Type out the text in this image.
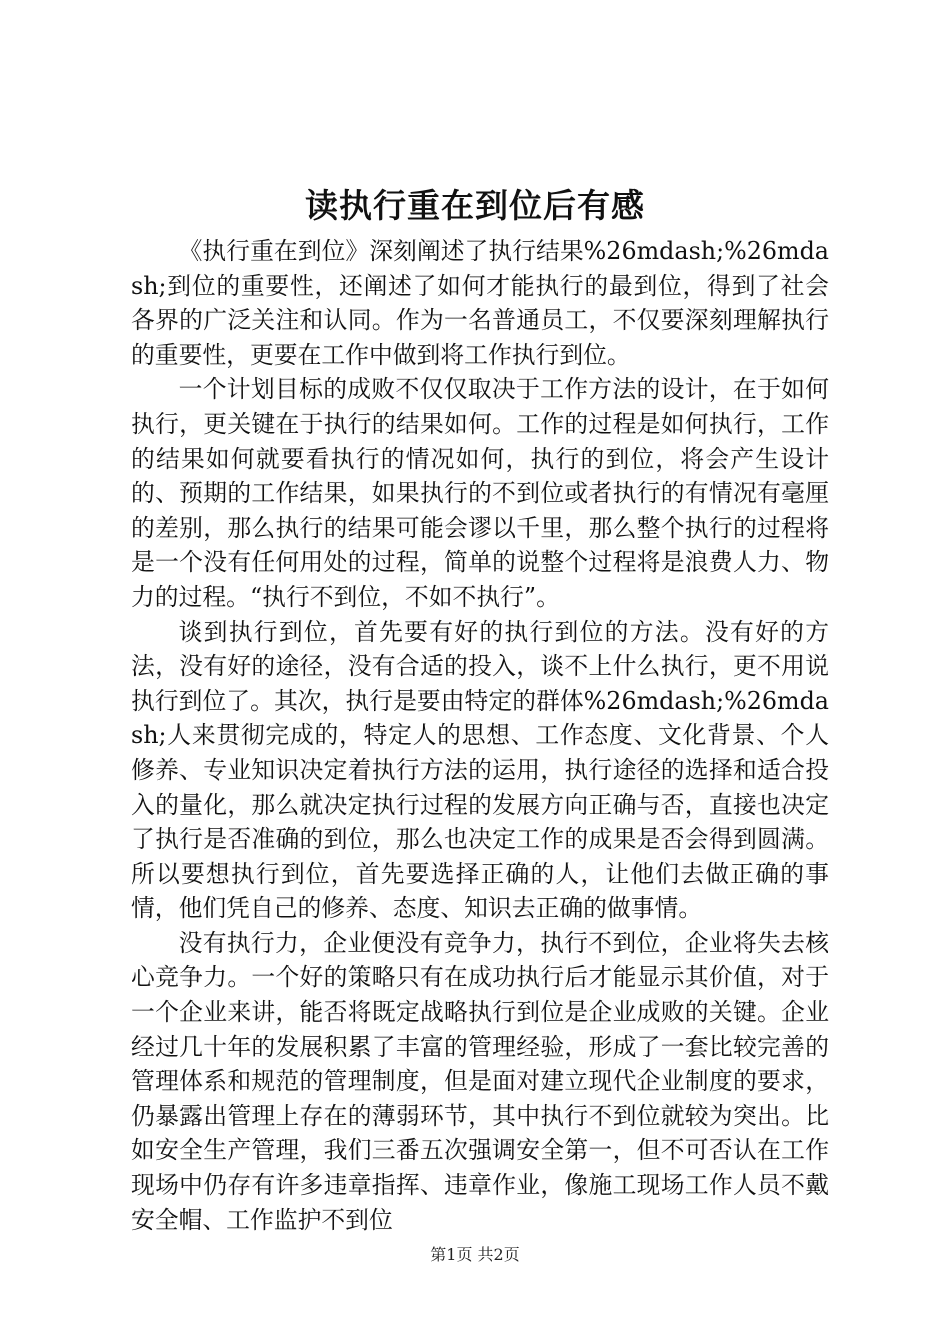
读执行重在到位后有感

《执行重在到位》深刻阐述了执行结果%26mdash;%26mdash;到位的重要性，还阐述了如何才能执行的最到位，得到了社会各界的广泛关注和认同。作为一名普通员工，不仅要深刻理解执行的重要性，更要在工作中做到将工作执行到位。

一个计划目标的成败不仅仅取决于工作方法的设计，在于如何执行，更关键在于执行的结果如何。工作的过程是如何执行，工作的结果如何就要看执行的情况如何，执行的到位，将会产生设计的、预期的工作结果，如果执行的不到位或者执行的有情况有毫厘的差别，那么执行的结果可能会谬以千里，那么整个执行的过程将是一个没有任何用处的过程，简单的说整个过程将是浪费人力、物力的过程。“执行不到位，不如不执行”。

谈到执行到位，首先要有好的执行到位的方法。没有好的方法，没有好的途径，没有合适的投入，谈不上什么执行，更不用说执行到位了。其次，执行是要由特定的群体%26mdash;%26mdash;人来贯彻完成的，特定人的思想、工作态度、文化背景、个人修养、专业知识决定着执行方法的运用，执行途径的选择和适合投入的量化，那么就决定执行过程的发展方向正确与否，直接也决定了执行是否准确的到位，那么也决定工作的成果是否会得到圆满。所以要想执行到位，首先要选择正确的人，让他们去做正确的事情，他们凭自己的修养、态度、知识去正确的做事情。

没有执行力，企业便没有竞争力，执行不到位，企业将失去核心竞争力。一个好的策略只有在成功执行后才能显示其价值，对于一个企业来讲，能否将既定战略执行到位是企业成败的关键。企业经过几十年的发展积累了丰富的管理经验，形成了一套比较完善的管理体系和规范的管理制度，但是面对建立现代企业制度的要求，仍暴露出管理上存在的薄弱环节，其中执行不到位就较为突出。比如安全生产管理，我们三番五次强调安全第一，但不可否认在工作现场中仍存有许多违章指挥、违章作业，像施工现场工作人员不戴安全帽、工作监护不到位

第1页 共2页
